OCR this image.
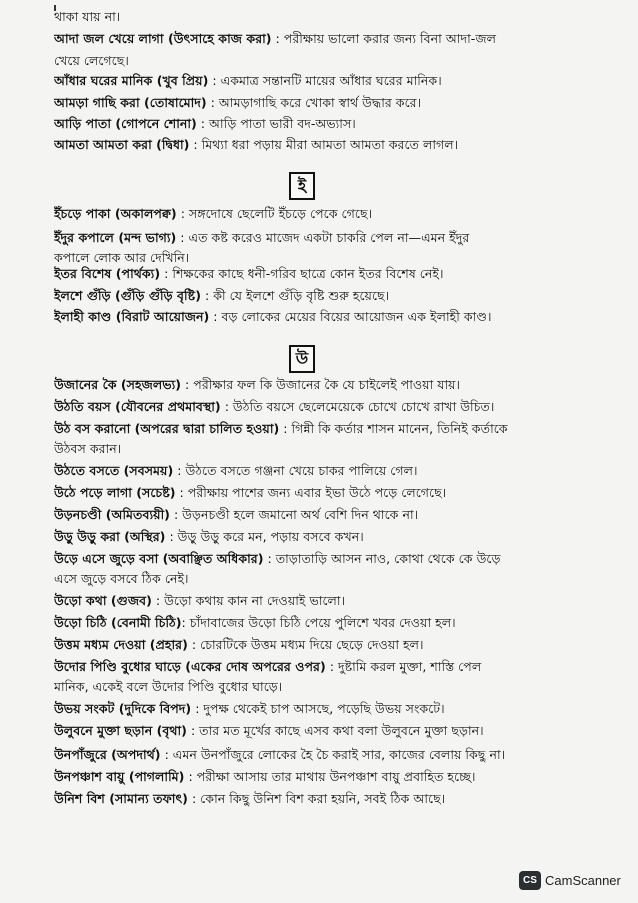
ই
উ
CS CamScanner
থাকা যায় না।
আদা জল খেয়ে লাগা (উৎসাহে কাজ করা) : পরীক্ষায় ভালো করার জন্য বিনা আদা-জল
খেয়ে লেগেছে।
আঁধার ঘরের মানিক (খুব প্রিয়) : একমাত্র সন্তানটি মায়ের আঁধার ঘরের মানিক।
আমড়া গাছি করা (তোষামোদ) : আমড়াগাছি করে খোকা স্বার্থ উদ্ধার করে।
আড়ি পাতা (গোপনে শোনা) : আড়ি পাতা ভারী বদ-অভ্যাস।
আমতা আমতা করা (দ্বিধা) : মিথ্যা ধরা পড়ায় মীরা আমতা আমতা করতে লাগল।
ইঁচড়ে পাকা (অকালপক্ব) : সঙ্গদোষে ছেলেটি ইঁচড়ে পেকে গেছে।
ইঁদুর কপালে (মন্দ ভাগ্য) : এত কষ্ট করেও মাজেদ একটা চাকরি পেল না—এমন ইঁদুর
কপালে লোক আর দেখিনি।
ইতর বিশেষ (পার্থক্য) : শিক্ষকের কাছে ধনী-গরিব ছাত্রে কোন ইতর বিশেষ নেই।
ইলশে গুঁড়ি (গুঁড়ি গুঁড়ি বৃষ্টি) : কী যে ইলশে গুঁড়ি বৃষ্টি শুরু হয়েছে।
ইলাহী কাণ্ড (বিরাট আয়োজন) : বড় লোকের মেয়ের বিয়ের আয়োজন এক ইলাহী কাণ্ড।
উজানের কৈ (সহজলভ্য) : পরীক্ষার ফল কি উজানের কৈ যে চাইলেই পাওয়া যায়।
উঠতি বয়স (যৌবনের প্রথমাবস্থা) : উঠতি বয়সে ছেলেমেয়েকে চোখে চোখে রাখা উচিত।
উঠ বস করানো (অপরের দ্বারা চালিত হওয়া) : গিন্নী কি কর্তার শাসন মানেন, তিনিই কর্তাকে
উঠবস করান।
উঠতে বসতে (সবসময়) : উঠতে বসতে গঞ্জনা খেয়ে চাকর পালিয়ে গেল।
উঠে পড়ে লাগা (সচেষ্ট) : পরীক্ষায় পাশের জন্য এবার ইভা উঠে পড়ে লেগেছে।
উড়নচণ্ডী (অমিতব্যয়ী) : উড়নচণ্ডী হলে জমানো অর্থ বেশি দিন থাকে না।
উড়ু উড়ু করা (অস্থির) : উড়ু উড়ু করে মন, পড়ায় বসবে কখন।
উড়ে এসে জুড়ে বসা (অবাঞ্ছিত অধিকার) : তাড়াতাড়ি আসন নাও, কোথা থেকে কে উড়ে
এসে জুড়ে বসবে ঠিক নেই।
উড়ো কথা (গুজব) : উড়ো কথায় কান না দেওয়াই ভালো।
উড়ো চিঠি (বেনামী চিঠি): চাঁদাবাজের উড়ো চিঠি পেয়ে পুলিশে খবর দেওয়া হল।
উত্তম মধ্যম দেওয়া (প্রহার) : চোরটিকে উত্তম মধ্যম দিয়ে ছেড়ে দেওয়া হল।
উদোর পিণ্ডি বুধোর ঘাড়ে (একের দোষ অপরের ওপর) : দুষ্টামি করল মুক্তা, শাস্তি পেল
মানিক, একেই বলে উদোর পিণ্ডি বুধোর ঘাড়ে।
উভয় সংকট (দুদিকে বিপদ) : দুপক্ষ থেকেই চাপ আসছে, পড়েছি উভয় সংকটে।
উলুবনে মুক্তা ছড়ান (বৃথা) : তার মত মূর্খের কাছে এসব কথা বলা উলুবনে মুক্তা ছড়ান।
উনপাঁজুরে (অপদার্থ) : এমন উনপাঁজুরে লোকের হৈ চৈ করাই সার, কাজের বেলায় কিছু না।
উনপঞ্চাশ বায়ু (পাগলামি) : পরীক্ষা আসায় তার মাথায় উনপঞ্চাশ বায়ু প্রবাহিত হচ্ছে।
উনিশ বিশ (সামান্য তফাৎ) : কোন কিছু উনিশ বিশ করা হয়নি, সবই ঠিক আছে।
